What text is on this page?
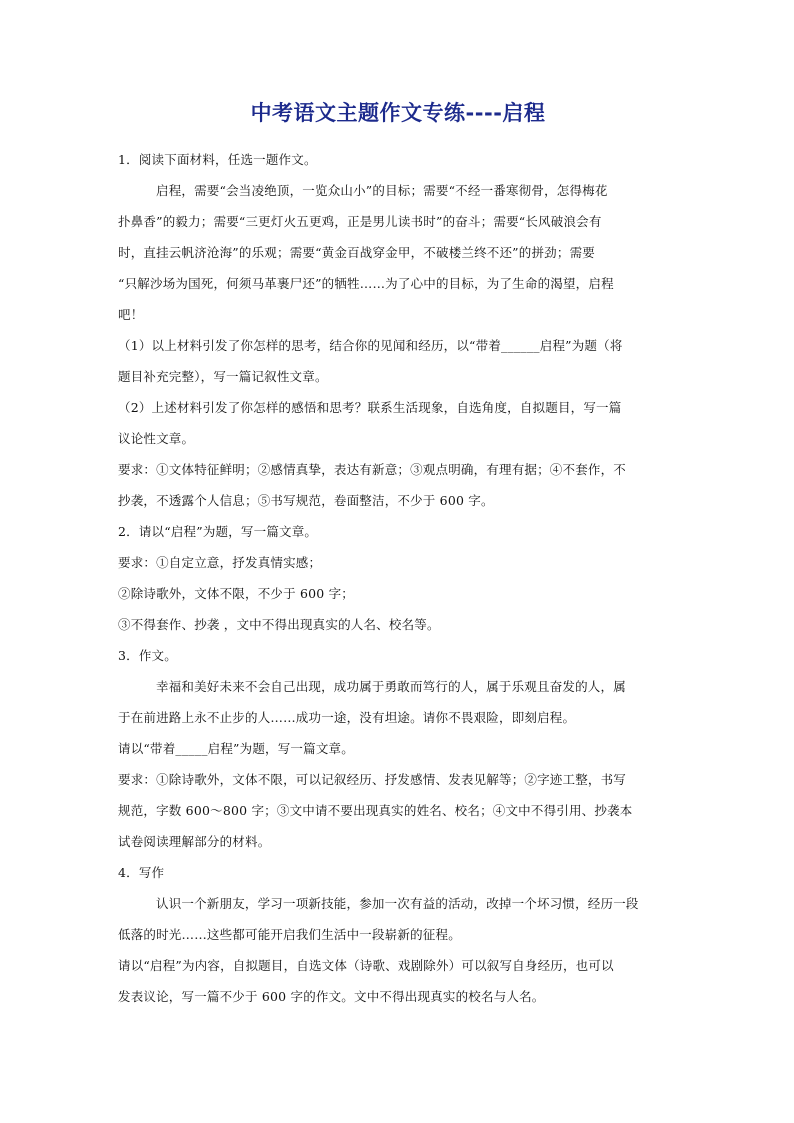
中考语文主题作文专练----启程
1．阅读下面材料，任选一题作文。
启程，需要“会当凌绝顶，一览众山小”的目标；需要“不经一番寒彻骨，怎得梅花
扑鼻香”的毅力；需要“三更灯火五更鸡，正是男儿读书时”的奋斗；需要“长风破浪会有
时，直挂云帆济沧海”的乐观；需要“黄金百战穿金甲，不破楼兰终不还”的拼劲；需要
“只解沙场为国死，何须马革裹尸还”的牺牲……为了心中的目标，为了生命的渴望，启程
吧！
（1）以上材料引发了你怎样的思考，结合你的见闻和经历，以“带着______启程”为题（将
题目补充完整），写一篇记叙性文章。
（2）上述材料引发了你怎样的感悟和思考？联系生活现象，自选角度，自拟题目，写一篇
议论性文章。
要求：①文体特征鲜明；②感情真挚，表达有新意；③观点明确，有理有据；④不套作，不
抄袭，不透露个人信息；⑤书写规范，卷面整洁，不少于 600 字。
2．请以“启程”为题，写一篇文章。
要求：①自定立意，抒发真情实感；
②除诗歌外，文体不限，不少于 600 字；
③不得套作、抄袭 ，文中不得出现真实的人名、校名等。
3．作文。
幸福和美好未来不会自己出现，成功属于勇敢而笃行的人，属于乐观且奋发的人，属
于在前进路上永不止步的人……成功一途，没有坦途。请你不畏艰险，即刻启程。
请以“带着_____启程”为题，写一篇文章。
要求：①除诗歌外，文体不限，可以记叙经历、抒发感情、发表见解等；②字迹工整，书写
规范，字数 600～800 字；③文中请不要出现真实的姓名、校名；④文中不得引用、抄袭本
试卷阅读理解部分的材料。
4．写作
认识一个新朋友，学习一项新技能，参加一次有益的活动，改掉一个坏习惯，经历一段
低落的时光……这些都可能开启我们生活中一段崭新的征程。
请以“启程”为内容，自拟题目，自选文体（诗歌、戏剧除外）可以叙写自身经历，也可以
发表议论，写一篇不少于 600 字的作文。文中不得出现真实的校名与人名。
